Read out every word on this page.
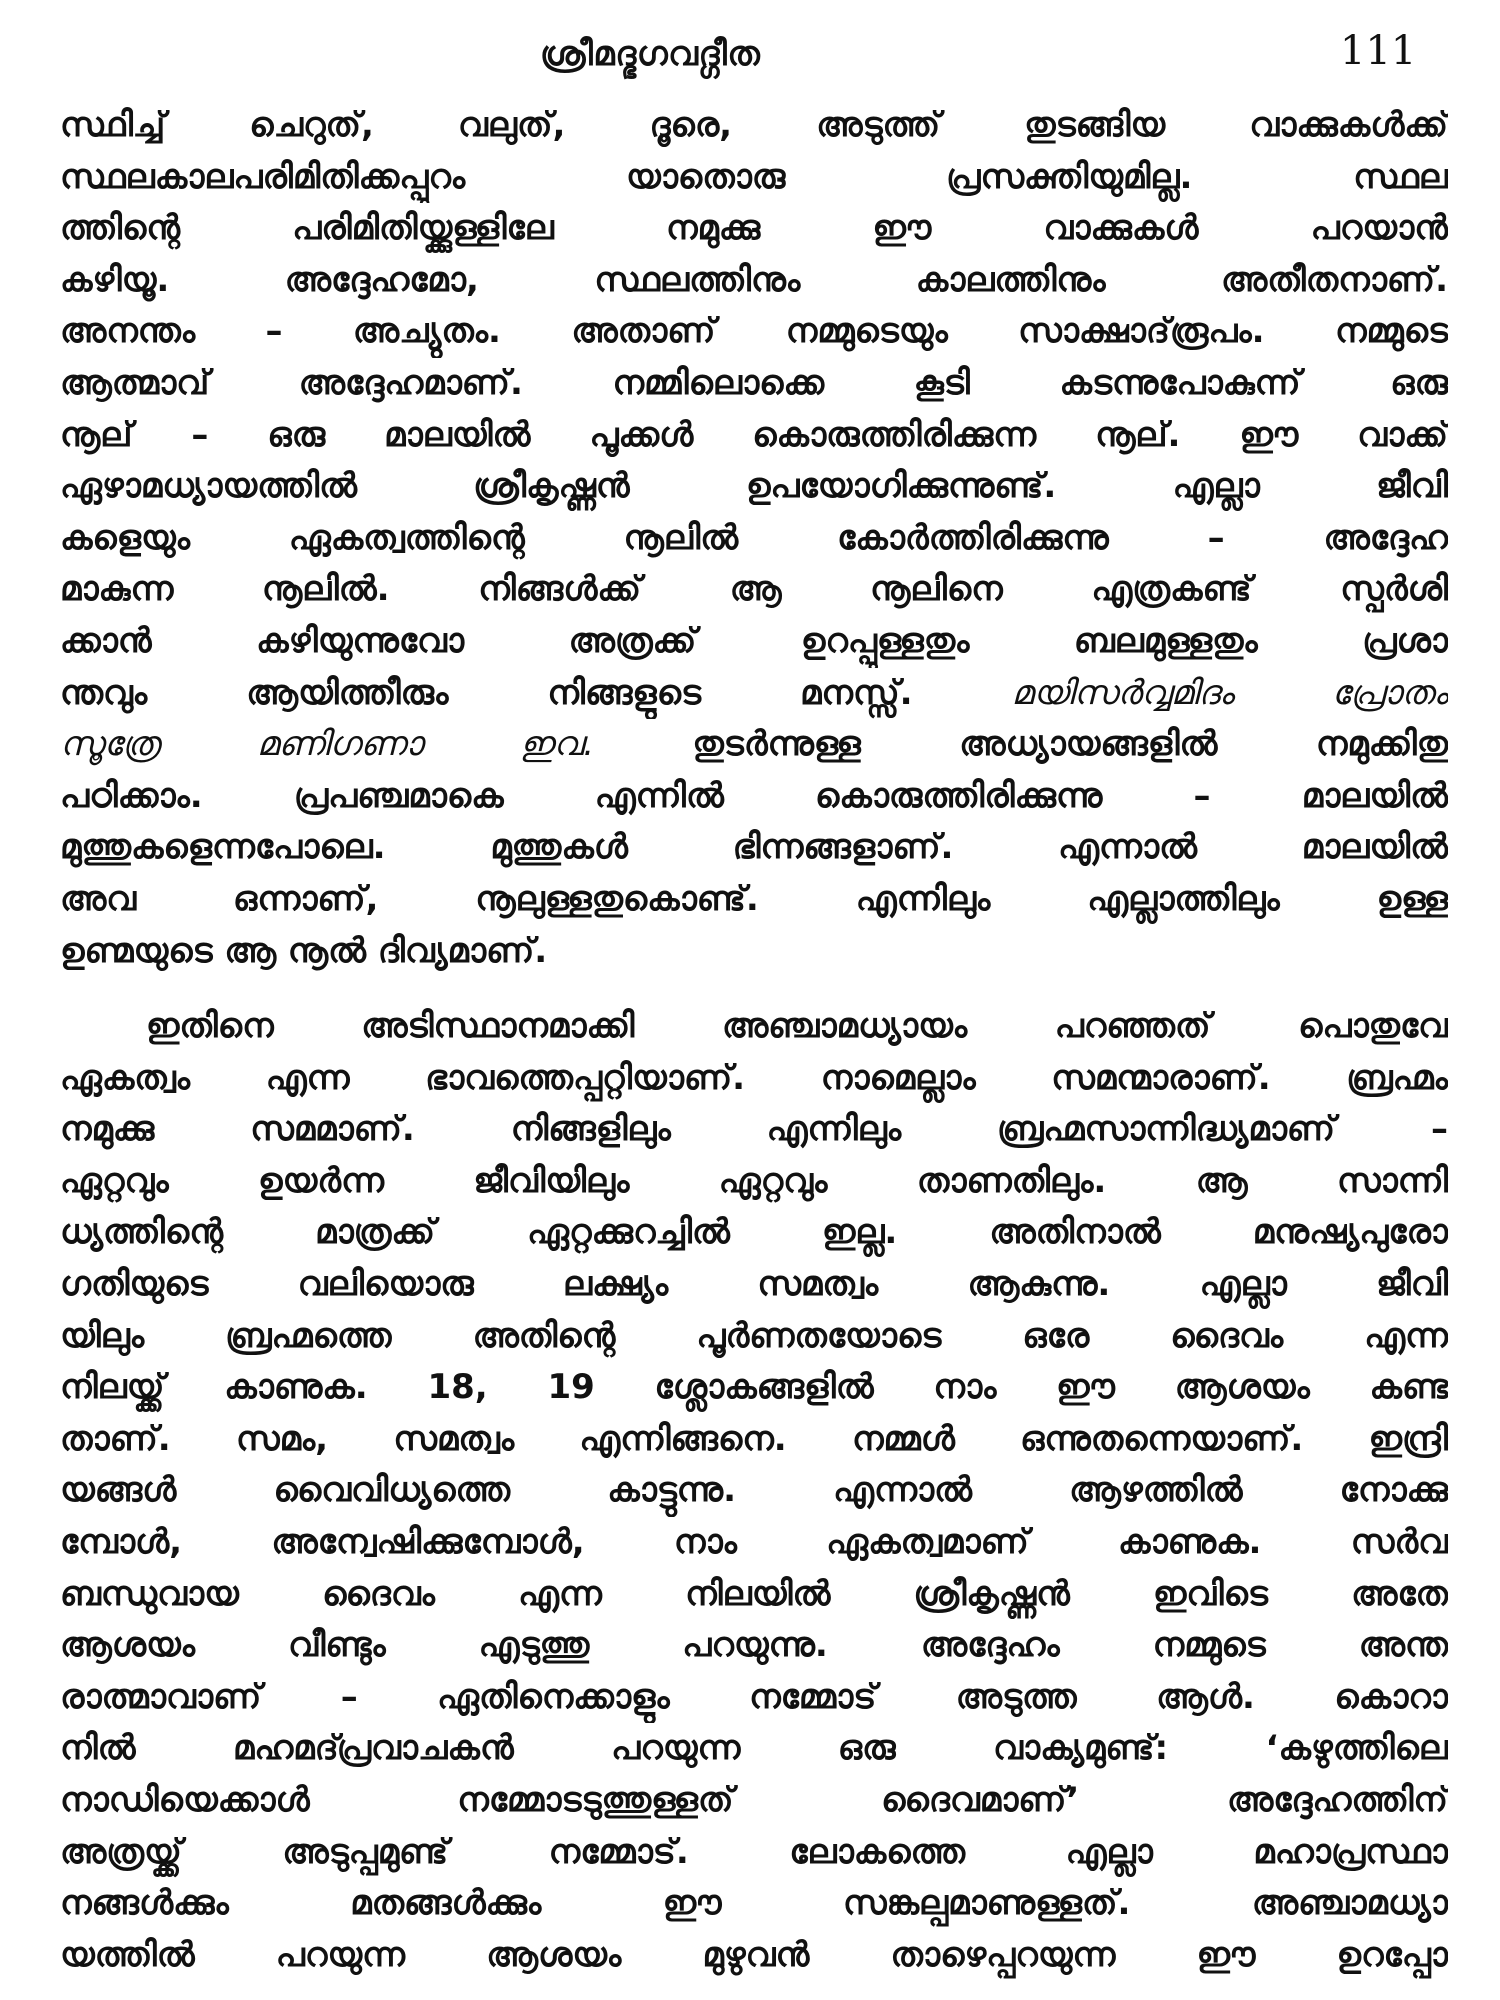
ശ്രീമദ്ഭഗവദ്ഗീത	111
സ്ഥിച്ച് ചെറുത്, വലുത്, ദൂരെ, അടുത്ത് തുടങ്ങിയ വാക്കുകൾക്ക്
സ്ഥലകാലപരിമിതിക്കപ്പുറം യാതൊരു പ്രസക്തിയുമില്ല. സ്ഥല
ത്തിന്റെ പരിമിതിയ്ക്കുള്ളിലേ നമുക്കു ഈ വാക്കുകൾ പറയാൻ
കഴിയൂ. അദ്ദേഹമോ, സ്ഥലത്തിനും കാലത്തിനും അതീതനാണ്.
അനന്തം – അച്യുതം. അതാണ് നമ്മുടെയും സാക്ഷാദ്‌രൂപം. നമ്മുടെ
ആത്മാവ് അദ്ദേഹമാണ്. നമ്മിലൊക്കെ കൂടി കടന്നുപോകുന്ന് ഒരു
നൂല് – ഒരു മാലയിൽ പൂക്കൾ കൊരുത്തിരിക്കുന്ന നൂല്. ഈ വാക്ക്
ഏഴാമധ്യായത്തിൽ ശ്രീകൃഷ്ണൻ ഉപയോഗിക്കുന്നുണ്ട്. എല്ലാ ജീവി
കളെയും ഏകത്വത്തിന്റെ നൂലിൽ കോർത്തിരിക്കുന്നു – അദ്ദേഹ
മാകുന്ന നൂലിൽ. നിങ്ങൾക്ക് ആ നൂലിനെ എത്രകണ്ട് സ്പർശി
ക്കാൻ കഴിയുന്നുവോ അത്രക്ക് ഉറപ്പുള്ളതും ബലമുള്ളതും പ്രശാ
ന്തവും ആയിത്തീരും നിങ്ങളുടെ മനസ്സ്. മയിസർവ്വമിദം പ്രോതം
സൂത്രേ മണിഗണാ ഇവ. തുടർന്നുള്ള അധ്യായങ്ങളിൽ നമുക്കിതു
പഠിക്കാം. പ്രപഞ്ചമാകെ എന്നിൽ കൊരുത്തിരിക്കുന്നു – മാലയിൽ
മുത്തുകളെന്നപോലെ. മുത്തുകൾ ഭിന്നങ്ങളാണ്. എന്നാൽ മാലയിൽ
അവ ഒന്നാണ്, നൂലുള്ളതുകൊണ്ട്. എന്നിലും എല്ലാത്തിലും ഉള്ള
ഉണ്മയുടെ ആ നൂൽ ദിവ്യമാണ്.
ഇതിനെ അടിസ്ഥാനമാക്കി അഞ്ചാമധ്യായം പറഞ്ഞത് പൊതുവേ
ഏകത്വം എന്ന ഭാവത്തെപ്പറ്റിയാണ്. നാമെല്ലാം സമന്മാരാണ്. ബ്രഹ്മം
നമുക്കു സമമാണ്. നിങ്ങളിലും എന്നിലും ബ്രഹ്മസാന്നിദ്ധ്യമാണ് –
ഏറ്റവും ഉയർന്ന ജീവിയിലും ഏറ്റവും താണതിലും. ആ സാന്നി
ധ്യത്തിന്റെ മാത്രക്ക് ഏറ്റക്കുറച്ചിൽ ഇല്ല. അതിനാൽ മനുഷ്യപുരോ
ഗതിയുടെ വലിയൊരു ലക്ഷ്യം സമത്വം ആകുന്നു. എല്ലാ ജീവി
യിലും ബ്രഹ്മത്തെ അതിന്റെ പൂർണതയോടെ ഒരേ ദൈവം എന്ന
നിലയ്ക്ക് കാണുക. 18, 19 ശ്ലോകങ്ങളിൽ നാം ഈ ആശയം കണ്ട
താണ്. സമം, സമത്വം എന്നിങ്ങനെ. നമ്മൾ ഒന്നുതന്നെയാണ്. ഇന്ദ്രി
യങ്ങൾ വൈവിധ്യത്തെ കാട്ടുന്നു. എന്നാൽ ആഴത്തിൽ നോക്കു
മ്പോൾ, അന്വേഷിക്കുമ്പോൾ, നാം ഏകത്വമാണ് കാണുക. സർവ
ബന്ധുവായ ദൈവം എന്ന നിലയിൽ ശ്രീകൃഷ്ണൻ ഇവിടെ അതേ
ആശയം വീണ്ടും എടുത്തു പറയുന്നു. അദ്ദേഹം നമ്മുടെ അന്ത
രാത്മാവാണ് – ഏതിനെക്കാളും നമ്മോട് അടുത്ത ആൾ. കൊറാ
നിൽ മഹമദ്പ്രവാചകൻ പറയുന്ന ഒരു വാക്യമുണ്ട്: ‘കഴുത്തിലെ
നാഡിയെക്കാൾ നമ്മോടടുത്തുള്ളത് ദൈവമാണ്’ അദ്ദേഹത്തിന്
അത്രയ്ക്ക് അടുപ്പമുണ്ട് നമ്മോട്. ലോകത്തെ എല്ലാ മഹാപ്രസ്ഥാ
നങ്ങൾക്കും മതങ്ങൾക്കും ഈ സങ്കല്പമാണുള്ളത്. അഞ്ചാമധ്യാ
യത്തിൽ പറയുന്ന ആശയം മുഴുവൻ താഴെപ്പറയുന്ന ഈ ഉറപ്പോ
